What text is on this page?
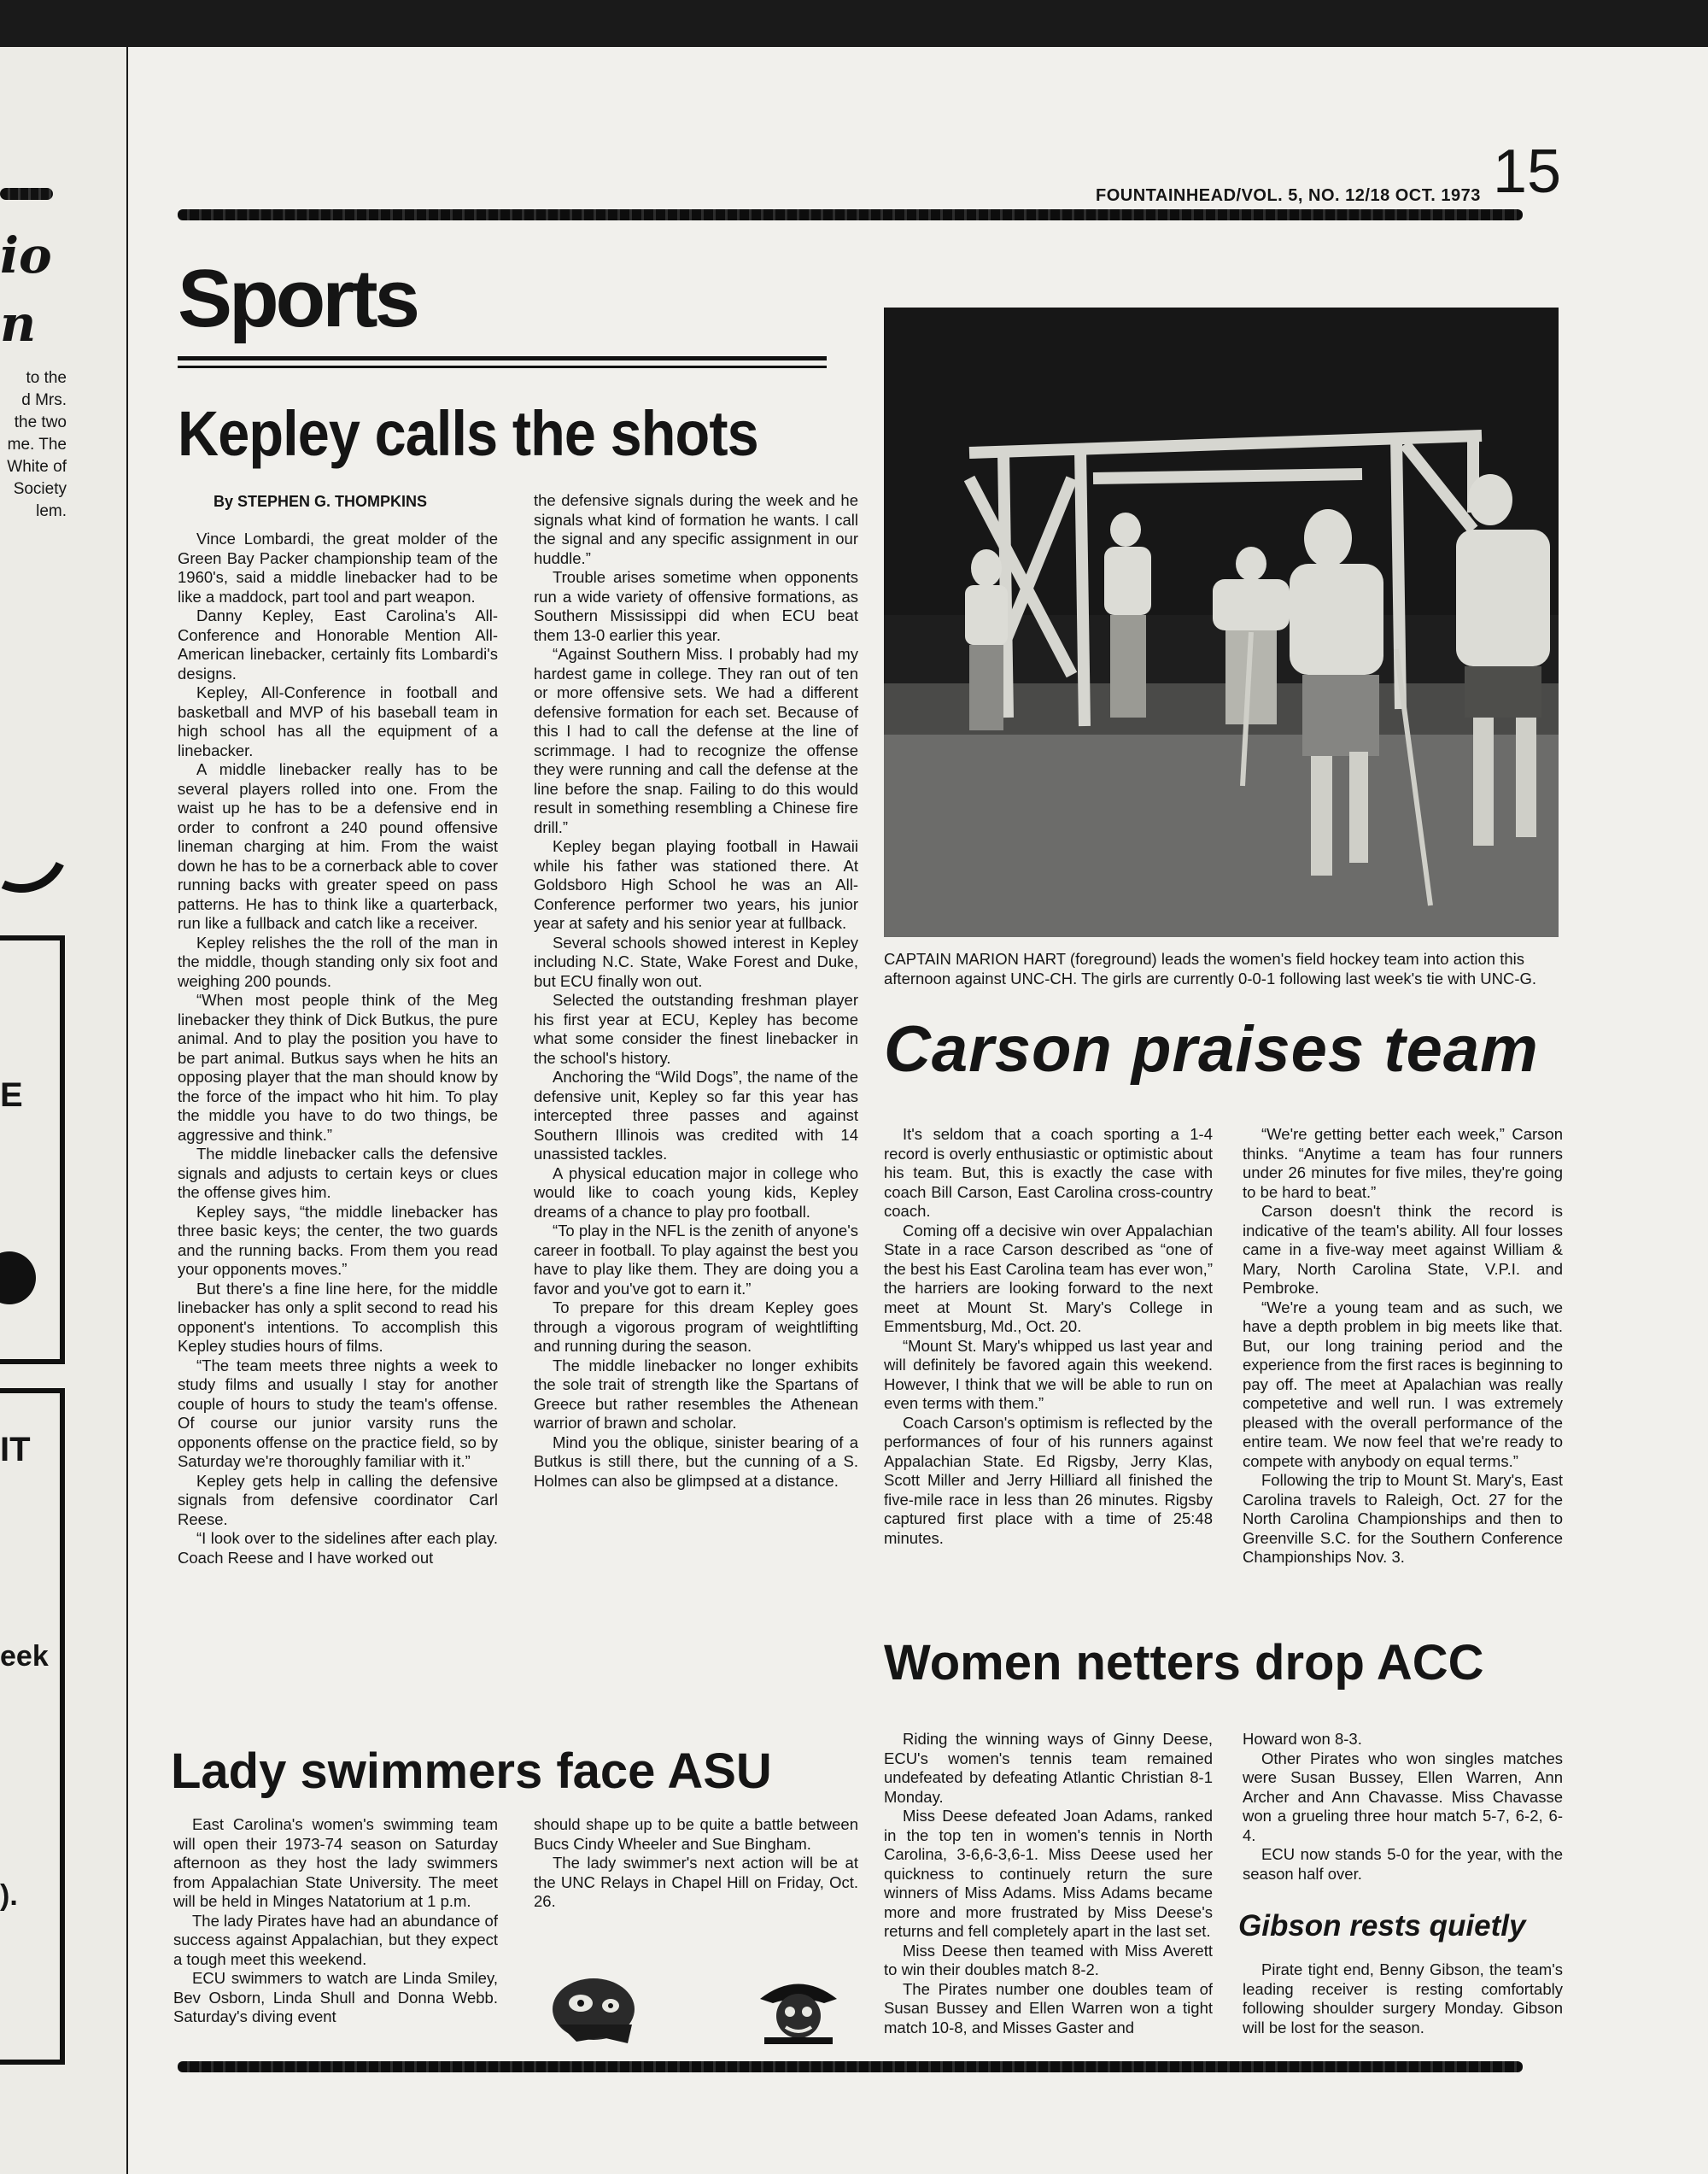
io
n
to the
d Mrs.
the two
me. The
White of
Society
lem.
E
IT
eek
).
FOUNTAINHEAD/VOL. 5, NO. 12/18 OCT. 1973 15
Sports
Kepley calls the shots
By STEPHEN G. THOMPKINS

Vince Lombardi, the great molder of the Green Bay Packer championship team of the 1960's, said a middle linebacker had to be like a maddock, part tool and part weapon.

Danny Kepley, East Carolina's All-Conference and Honorable Mention All-American linebacker, certainly fits Lombardi's designs.

Kepley, All-Conference in football and basketball and MVP of his baseball team in high school has all the equipment of a linebacker.

A middle linebacker really has to be several players rolled into one. From the waist up he has to be a defensive end in order to confront a 240 pound offensive lineman charging at him. From the waist down he has to be a cornerback able to cover running backs with greater speed on pass patterns. He has to think like a quarterback, run like a fullback and catch like a receiver.

Kepley relishes the the roll of the man in the middle, though standing only six foot and weighing 200 pounds.

“When most people think of the Meg linebacker they think of Dick Butkus, the pure animal. And to play the position you have to be part animal. Butkus says when he hits an opposing player that the man should know by the force of the impact who hit him. To play the middle you have to do two things, be aggressive and think.”

The middle linebacker calls the defensive signals and adjusts to certain keys or clues the offense gives him.

Kepley says, “the middle linebacker has three basic keys; the center, the two guards and the running backs. From them you read your opponents moves.”

But there's a fine line here, for the middle linebacker has only a split second to read his opponent's intentions. To accomplish this Kepley studies hours of films.

“The team meets three nights a week to study films and usually I stay for another couple of hours to study the team's offense. Of course our junior varsity runs the opponents offense on the practice field, so by Saturday we're thoroughly familiar with it.”

Kepley gets help in calling the defensive signals from defensive coordinator Carl Reese.

“I look over to the sidelines after each play. Coach Reese and I have worked out

the defensive signals during the week and he signals what kind of formation he wants. I call the signal and any specific assignment in our huddle.”

Trouble arises sometime when opponents run a wide variety of offensive formations, as Southern Mississippi did when ECU beat them 13-0 earlier this year.

“Against Southern Miss. I probably had my hardest game in college. They ran out of ten or more offensive sets. We had a different defensive formation for each set. Because of this I had to call the defense at the line of scrimmage. I had to recognize the offense they were running and call the defense at the line before the snap. Failing to do this would result in something resembling a Chinese fire drill.”

Kepley began playing football in Hawaii while his father was stationed there. At Goldsboro High School he was an All-Conference performer two years, his junior year at safety and his senior year at fullback.

Several schools showed interest in Kepley including N.C. State, Wake Forest and Duke, but ECU finally won out.

Selected the outstanding freshman player his first year at ECU, Kepley has become what some consider the finest linebacker in the school's history.

Anchoring the “Wild Dogs”, the name of the defensive unit, Kepley so far this year has intercepted three passes and against Southern Illinois was credited with 14 unassisted tackles.

A physical education major in college who would like to coach young kids, Kepley dreams of a chance to play pro football.

“To play in the NFL is the zenith of anyone's career in football. To play against the best you have to play like them. They are doing you a favor and you've got to earn it.”

To prepare for this dream Kepley goes through a vigorous program of weightlifting and running during the season.

The middle linebacker no longer exhibits the sole trait of strength like the Spartans of Greece but rather resembles the Athenean warrior of brawn and scholar.

Mind you the oblique, sinister bearing of a Butkus is still there, but the cunning of a S. Holmes can also be glimpsed at a distance.

CAPTAIN MARION HART (foreground) leads the women's field hockey team into action this afternoon against UNC-CH. The girls are currently 0-0-1 following last week's tie with UNC-G.
Carson praises team

It's seldom that a coach sporting a 1-4 record is overly enthusiastic or optimistic about his team. But, this is exactly the case with coach Bill Carson, East Carolina cross-country coach.

Coming off a decisive win over Appalachian State in a race Carson described as “one of the best his East Carolina team has ever won,” the harriers are looking forward to the next meet at Mount St. Mary's College in Emmentsburg, Md., Oct. 20.

“Mount St. Mary's whipped us last year and will definitely be favored again this weekend. However, I think that we will be able to run on even terms with them.”

Coach Carson's optimism is reflected by the performances of four of his runners against Appalachian State. Ed Rigsby, Jerry Klas, Scott Miller and Jerry Hilliard all finished the five-mile race in less than 26 minutes. Rigsby captured first place with a time of 25:48 minutes.

“We're getting better each week,” Carson thinks. “Anytime a team has four runners under 26 minutes for five miles, they're going to be hard to beat.”

Carson doesn't think the record is indicative of the team's ability. All four losses came in a five-way meet against William & Mary, North Carolina State, V.P.I. and Pembroke.

“We're a young team and as such, we have a depth problem in big meets like that. But, our long training period and the experience from the first races is beginning to pay off. The meet at Apalachian was really competetive and well run. I was extremely pleased with the overall performance of the entire team. We now feel that we're ready to compete with anybody on equal terms.”

Following the trip to Mount St. Mary's, East Carolina travels to Raleigh, Oct. 27 for the North Carolina Championships and then to Greenville S.C. for the Southern Conference Championships Nov. 3.

Women netters drop ACC

Riding the winning ways of Ginny Deese, ECU's women's tennis team remained undefeated by defeating Atlantic Christian 8-1 Monday.

Miss Deese defeated Joan Adams, ranked in the top ten in women's tennis in North Carolina, 3-6,6-3,6-1. Miss Deese used her quickness to continuely return the sure winners of Miss Adams. Miss Adams became more and more frustrated by Miss Deese's returns and fell completely apart in the last set.

Miss Deese then teamed with Miss Averett to win their doubles match 8-2.

The Pirates number one doubles team of Susan Bussey and Ellen Warren won a tight match 10-8, and Misses Gaster and

Howard won 8-3.

Other Pirates who won singles matches were Susan Bussey, Ellen Warren, Ann Archer and Ann Chavasse. Miss Chavasse won a grueling three hour match 5-7, 6-2, 6-4.

ECU now stands 5-0 for the year, with the season half over.

Gibson rests quietly

Pirate tight end, Benny Gibson, the team's leading receiver is resting comfortably following shoulder surgery Monday. Gibson will be lost for the season.

Lady swimmers face ASU

East Carolina's women's swimming team will open their 1973-74 season on Saturday afternoon as they host the lady swimmers from Appalachian State University. The meet will be held in Minges Natatorium at 1 p.m.

The lady Pirates have had an abundance of success against Appalachian, but they expect a tough meet this weekend.

ECU swimmers to watch are Linda Smiley, Bev Osborn, Linda Shull and Donna Webb. Saturday's diving event

should shape up to be quite a battle between Bucs Cindy Wheeler and Sue Bingham.

The lady swimmer's next action will be at the UNC Relays in Chapel Hill on Friday, Oct. 26.
